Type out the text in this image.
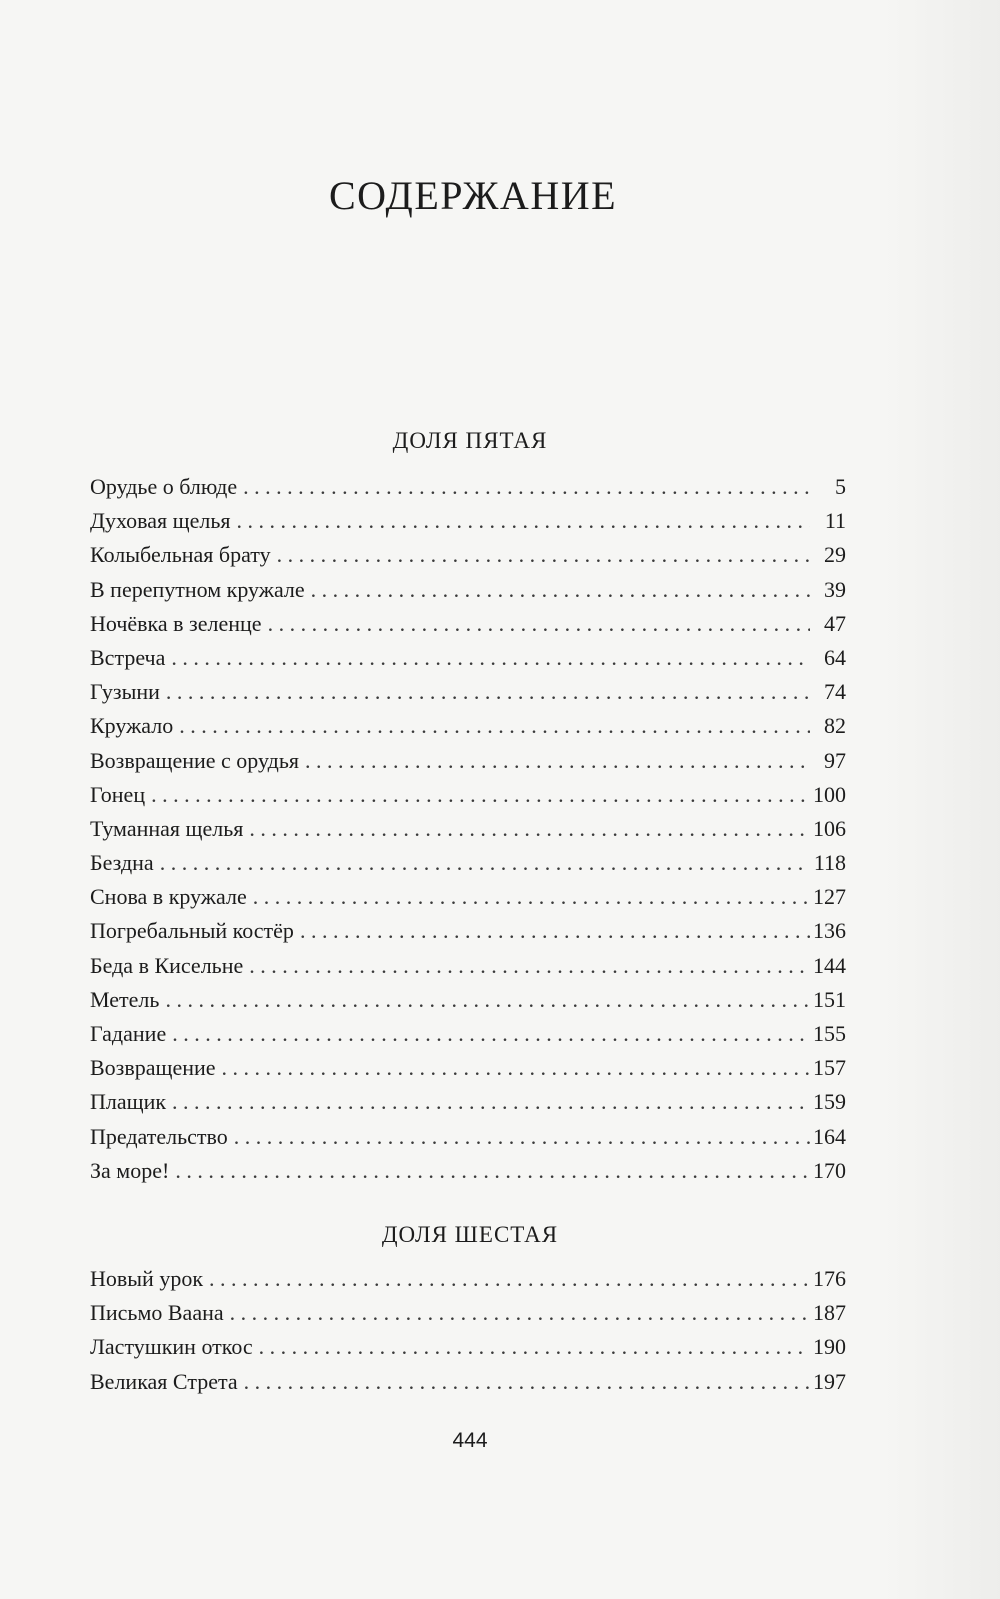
СОДЕРЖАНИЕ
ДОЛЯ ПЯТАЯ
Орудье о блюде . . .	5
Духовая щелья . . .	11
Колыбельная брату . . .	29
В перепутном кружале . . .	39
Ночёвка в зеленце . . .	47
Встреча . . .	64
Гузыни . . .	74
Кружало . . .	82
Возвращение с орудья . . .	97
Гонец . . .	100
Туманная щелья . . .	106
Бездна . . .	118
Снова в кружале . . .	127
Погребальный костёр . . .	136
Беда в Кисельне . . .	144
Метель . . .	151
Гадание . . .	155
Возвращение . . .	157
Плащик . . .	159
Предательство . . .	164
За море! . . .	170
ДОЛЯ ШЕСТАЯ
Новый урок . . .	176
Письмо Ваана . . .	187
Ластушкин откос . . .	190
Великая Стрета . . .	197
444
